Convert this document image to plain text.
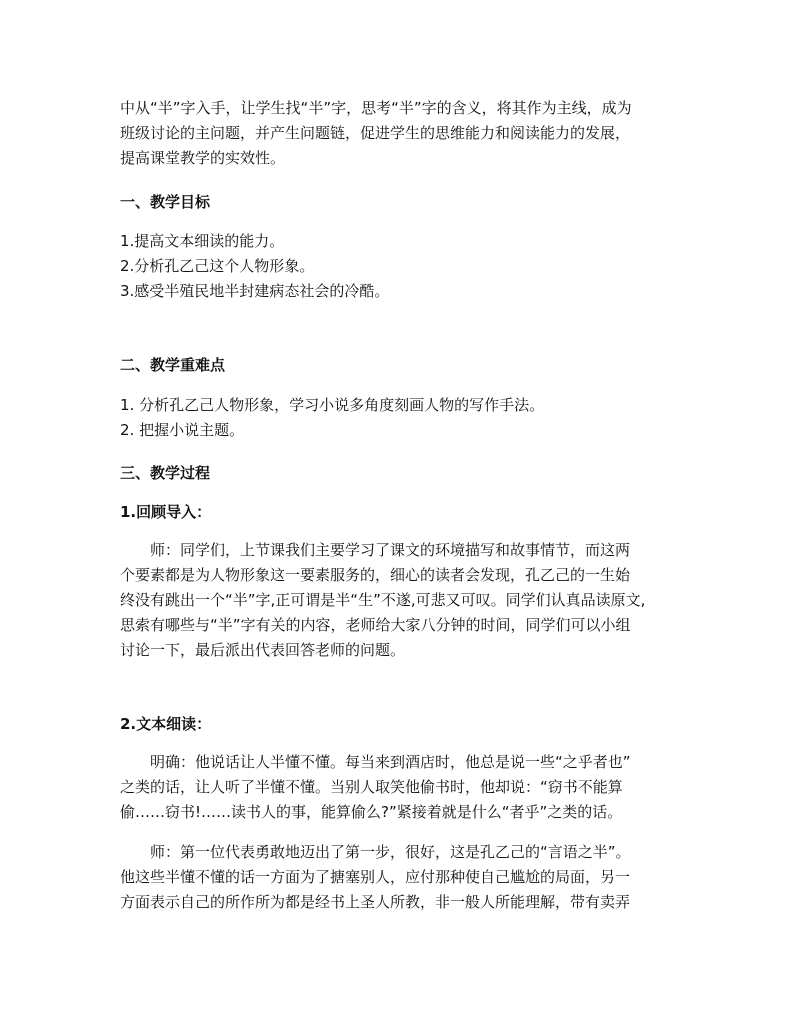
中从“半”字入手，让学生找“半”字，思考“半”字的含义，将其作为主线，成为
班级讨论的主问题，并产生问题链，促进学生的思维能力和阅读能力的发展，
提高课堂教学的实效性。
一、教学目标
1.提高文本细读的能力。
2.分析孔乙己这个人物形象。
3.感受半殖民地半封建病态社会的冷酷。
二、教学重难点
1. 分析孔乙己人物形象，学习小说多角度刻画人物的写作手法。
2. 把握小说主题。
三、教学过程
1.回顾导入：
师：同学们，上节课我们主要学习了课文的环境描写和故事情节，而这两
个要素都是为人物形象这一要素服务的，细心的读者会发现，孔乙己的一生始
终没有跳出一个“半”字,正可谓是半“生”不遂,可悲又可叹。同学们认真品读原文,
思索有哪些与“半”字有关的内容，老师给大家八分钟的时间，同学们可以小组
讨论一下，最后派出代表回答老师的问题。
2.文本细读：
明确：他说话让人半懂不懂。每当来到酒店时，他总是说一些“之乎者也”
之类的话，让人听了半懂不懂。当别人取笑他偷书时，他却说：“窃书不能算
偷……窃书!……读书人的事，能算偷么?”紧接着就是什么“者乎”之类的话。
师：第一位代表勇敢地迈出了第一步，很好，这是孔乙己的“言语之半”。
他这些半懂不懂的话一方面为了搪塞别人，应付那种使自己尴尬的局面，另一
方面表示自己的所作所为都是经书上圣人所教，非一般人所能理解，带有卖弄
